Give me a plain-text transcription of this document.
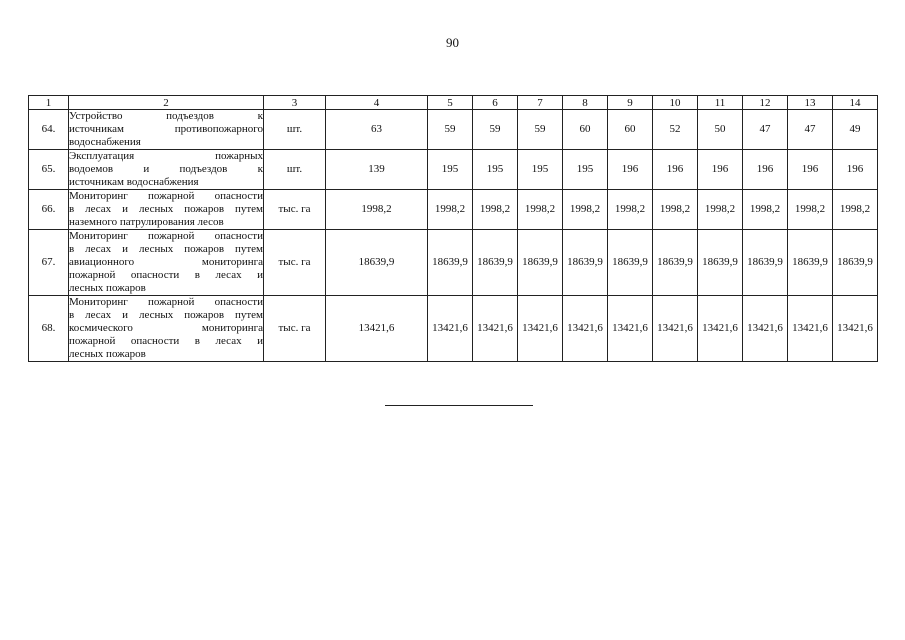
90
1	2	3	4	5	6	7	8	9	10	11	12	13	14
64.	Устройство подъездов к
источникам противопожарного
водоснабжения	шт.	63	59	59	59	60	60	52	50	47	47	49
65.	Эксплуатация пожарных
водоемов и подъездов к
источникам водоснабжения	шт.	139	195	195	195	195	196	196	196	196	196	196
66.	Мониторинг пожарной опасности
в лесах и лесных пожаров путем
наземного патрулирования лесов	тыс. га	1998,2	1998,2	1998,2	1998,2	1998,2	1998,2	1998,2	1998,2	1998,2	1998,2	1998,2
67.	Мониторинг пожарной опасности
в лесах и лесных пожаров путем
авиационного мониторинга
пожарной опасности в лесах и
лесных пожаров	тыс. га	18639,9	18639,9	18639,9	18639,9	18639,9	18639,9	18639,9	18639,9	18639,9	18639,9	18639,9
68.	Мониторинг пожарной опасности
в лесах и лесных пожаров путем
космического мониторинга
пожарной опасности в лесах и
лесных пожаров	тыс. га	13421,6	13421,6	13421,6	13421,6	13421,6	13421,6	13421,6	13421,6	13421,6	13421,6	13421,6
